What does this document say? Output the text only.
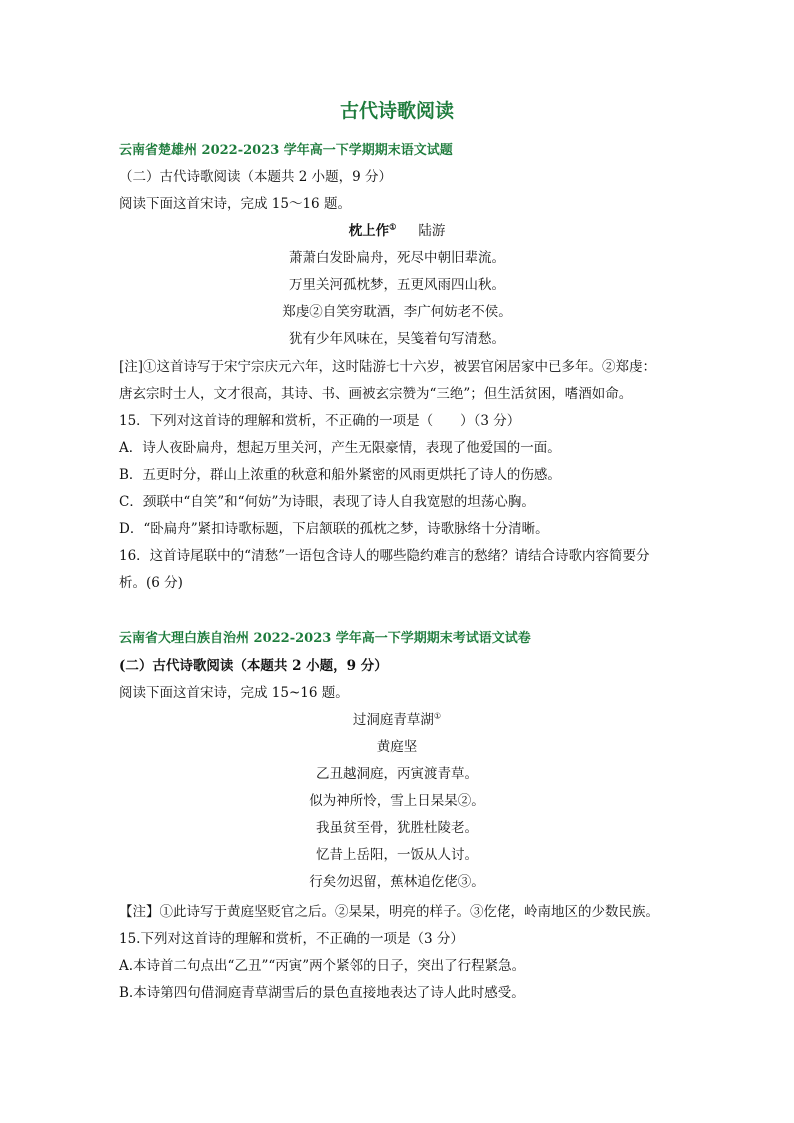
古代诗歌阅读
云南省楚雄州 2022-2023 学年高一下学期期末语文试题
（二）古代诗歌阅读（本题共 2 小题，9 分）
阅读下面这首宋诗，完成 15～16 题。
枕上作① 陆游
萧萧白发卧扁舟，死尽中朝旧辈流。
万里关河孤枕梦，五更风雨四山秋。
郑虔②自笑穷耽酒，李广何妨老不侯。
犹有少年风味在，吴笺着句写清愁。
[注]①这首诗写于宋宁宗庆元六年，这时陆游七十六岁，被罢官闲居家中已多年。②郑虔：
唐玄宗时士人，文才很高，其诗、书、画被玄宗赞为“三绝”；但生活贫困，嗜酒如命。
15．下列对这首诗的理解和赏析，不正确的一项是（　　）（3 分）
A．诗人夜卧扁舟，想起万里关河，产生无限豪情，表现了他爱国的一面。
B．五更时分，群山上浓重的秋意和船外紧密的风雨更烘托了诗人的伤感。
C．颈联中“自笑”和“何妨”为诗眼，表现了诗人自我宽慰的坦荡心胸。
D．“卧扁舟”紧扣诗歌标题，下启颔联的孤枕之梦，诗歌脉络十分清晰。
16．这首诗尾联中的“清愁”一语包含诗人的哪些隐约难言的愁绪？请结合诗歌内容简要分
析。(6 分)
云南省大理白族自治州 2022-2023 学年高一下学期期末考试语文试卷
(二）古代诗歌阅读（本题共 2 小题，9 分）
阅读下面这首宋诗，完成 15~16 题。
过洞庭青草湖①
黄庭坚
乙丑越洞庭，丙寅渡青草。
似为神所怜，雪上日杲杲②。
我虽贫至骨，犹胜杜陵老。
忆昔上岳阳，一饭从人讨。
行矣勿迟留，蕉林追仡佬③。
【注】①此诗写于黄庭坚贬官之后。②杲杲，明亮的样子。③仡佬，岭南地区的少数民族。
15.下列对这首诗的理解和赏析，不正确的一项是（3 分）
A.本诗首二句点出“乙丑”“丙寅”两个紧邻的日子，突出了行程紧急。
B.本诗第四句借洞庭青草湖雪后的景色直接地表达了诗人此时感受。
